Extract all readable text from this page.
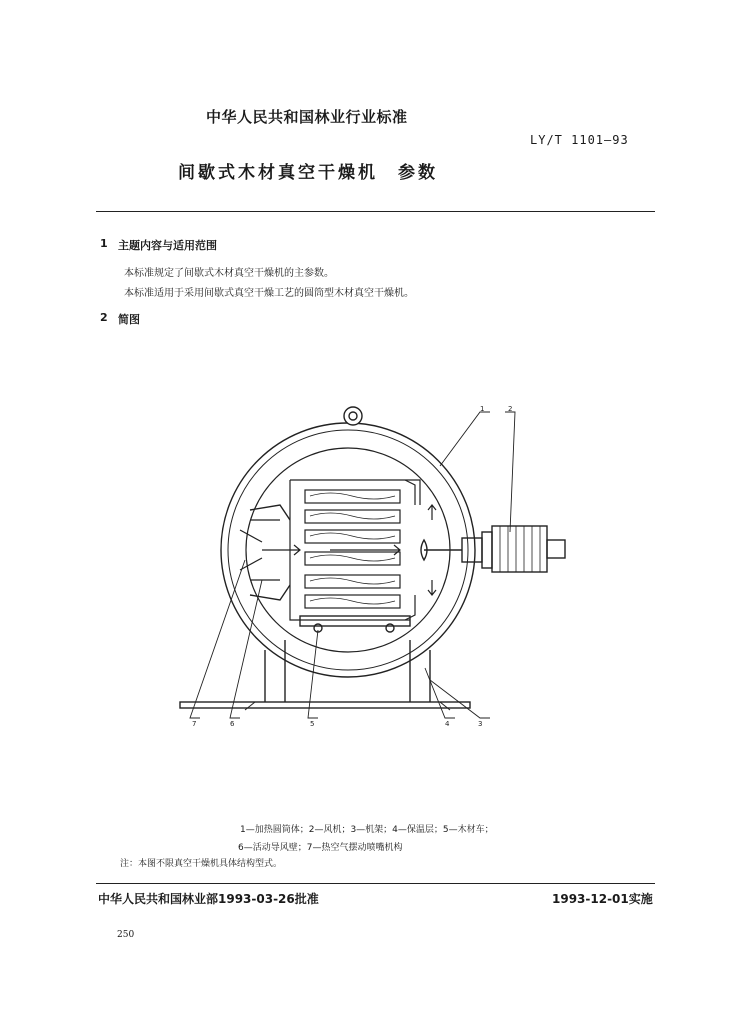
中华人民共和国林业行业标准
LY/T 1101—93
间歇式木材真空干燥机　参数
1 主题内容与适用范围
本标准规定了间歇式木材真空干燥机的主参数。
本标准适用于采用间歇式真空干燥工艺的圆筒型木材真空干燥机。
2 简图
1	2
3
4
5
6
7
1—加热圆筒体；2—风机；3—机架；4—保温层；5—木材车；
6—活动导风壁；7—热空气摆动喷嘴机构
注：本图不限真空干燥机具体结构型式。
中华人民共和国林业部1993-03-26批准	1993-12-01实施
250
